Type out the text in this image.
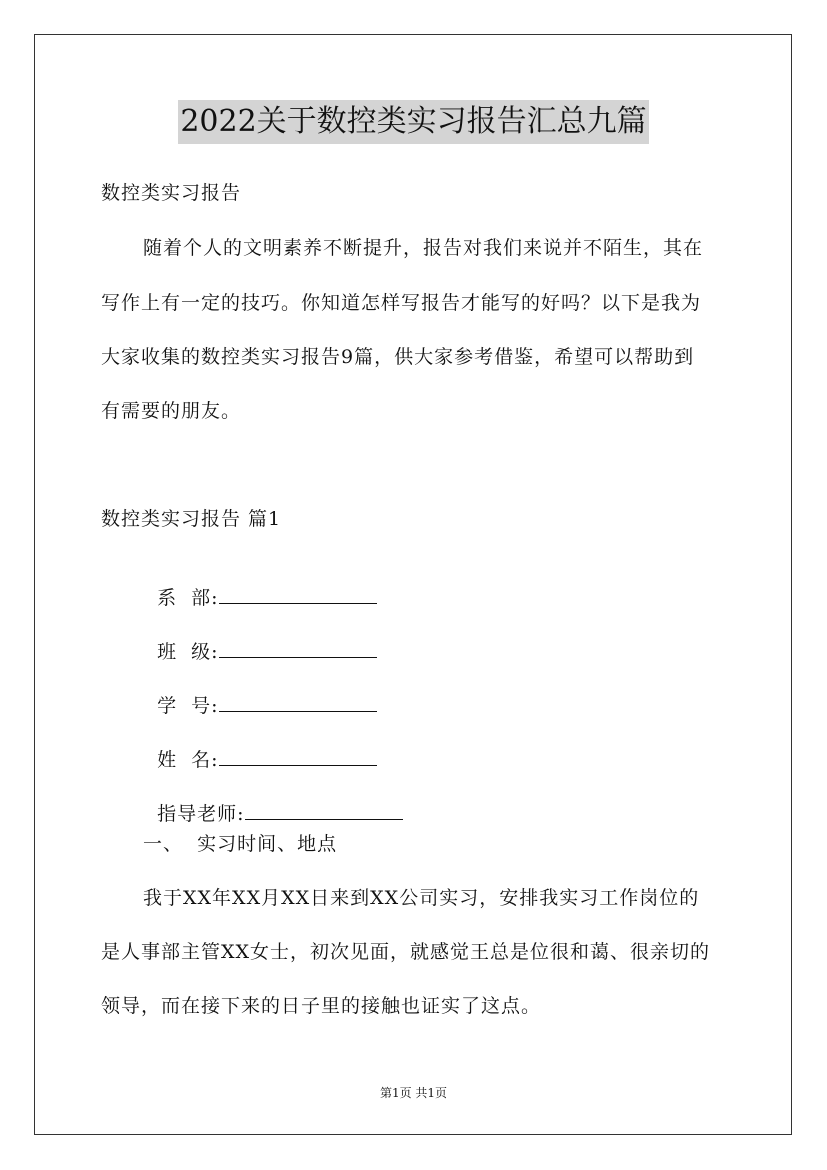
2022关于数控类实习报告汇总九篇
数控类实习报告
随着个人的文明素养不断提升，报告对我们来说并不陌生，其在
写作上有一定的技巧。你知道怎样写报告才能写的好吗？以下是我为
大家收集的数控类实习报告9篇，供大家参考借鉴，希望可以帮助到
有需要的朋友。
数控类实习报告 篇1

系  部:

班  级:

学  号:

姓  名:

指导老师:

一、  实习时间、地点
我于XX年XX月XX日来到XX公司实习，安排我实习工作岗位的
是人事部主管XX女士，初次见面，就感觉王总是位很和蔼、很亲切的
领导，而在接下来的日子里的接触也证实了这点。
第1页 共1页
